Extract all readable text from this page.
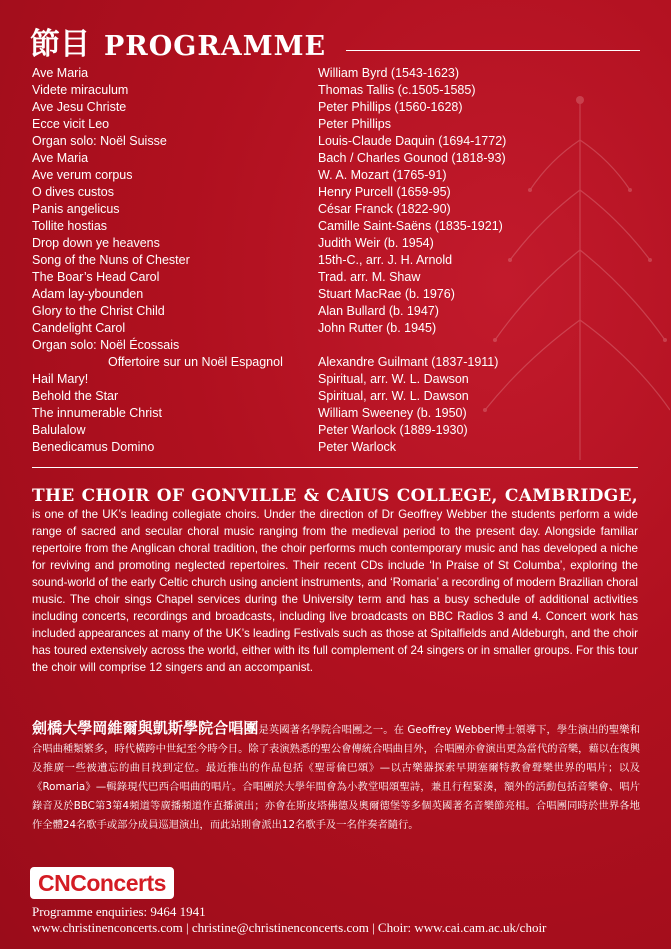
節目 PROGRAMME
Ave Maria	William Byrd (1543-1623)
Videte miraculum	Thomas Tallis (c.1505-1585)
Ave Jesu Christe	Peter Phillips (1560-1628)
Ecce vicit Leo	Peter Phillips
Organ solo: Noël Suisse	Louis-Claude Daquin (1694-1772)
Ave Maria	Bach / Charles Gounod (1818-93)
Ave verum corpus	W. A. Mozart (1765-91)
O dives custos	Henry Purcell (1659-95)
Panis angelicus	César Franck (1822-90)
Tollite hostias	Camille Saint-Saëns (1835-1921)
Drop down ye heavens	Judith Weir (b. 1954)
Song of the Nuns of Chester	15th-C., arr. J. H. Arnold
The Boar’s Head Carol	Trad. arr. M. Shaw
Adam lay-ybounden	Stuart MacRae (b. 1976)
Glory to the Christ Child	Alan Bullard (b. 1947)
Candelight Carol	John Rutter (b. 1945)
Organ solo: Noël Écossais
Offertoire sur un Noël Espagnol	Alexandre Guilmant (1837-1911)
Hail Mary!	Spiritual, arr. W. L. Dawson
Behold the Star	Spiritual, arr. W. L. Dawson
The innumerable Christ	William Sweeney (b. 1950)
Balulalow	Peter Warlock (1889-1930)
Benedicamus Domino	Peter Warlock
THE CHOIR OF GONVILLE & CAIUS COLLEGE, CAMBRIDGE, is one of the UK’s leading collegiate choirs. Under the direction of Dr Geoffrey Webber the students perform a wide range of sacred and secular choral music ranging from the medieval period to the present day. Alongside familiar repertoire from the Anglican choral tradition, the choir performs much contemporary music and has developed a niche for reviving and promoting neglected repertoires. Their recent CDs include ‘In Praise of St Columba’, exploring the sound-world of the early Celtic church using ancient instruments, and ‘Romaria’ a recording of modern Brazilian choral music. The choir sings Chapel services during the University term and has a busy schedule of additional activities including concerts, recordings and broadcasts, including live broadcasts on BBC Radios 3 and 4. Concert work has included appearances at many of the UK’s leading Festivals such as those at Spitalfields and Aldeburgh, and the choir has toured extensively across the world, either with its full complement of 24 singers or in smaller groups. For this tour the choir will comprise 12 singers and an accompanist.
劍橋大學岡維爾與凱斯學院合唱團是英國著名學院合唱團之一。在 Geoffrey Webber博士領導下，學生演出的聖樂和合唱曲種類繁多，時代橫跨中世紀至今時今日。除了表演熟悉的聖公會傳統合唱曲目外，合唱團亦會演出更為當代的音樂，藉以在復興及推廣一些被遺忘的曲目找到定位。最近推出的作品包括《聖哥倫巴頌》—以古樂器探索早期塞爾特教會聲樂世界的唱片；以及《Romaria》—輯錄現代巴西合唱曲的唱片。合唱團於大學年間會為小教堂唱頌聖詩，兼且行程緊湊，額外的活動包括音樂會、唱片錄音及於BBC第3第4頻道等廣播頻道作直播演出；亦會在斯皮塔佛德及奧爾德堡等多個英國著名音樂節亮相。合唱團同時於世界各地作全體24名歌手或部分成員巡迴演出，而此站則會派出12名歌手及一名伴奏者隨行。
CNConcerts
Programme enquiries: 9464 1941
www.christinenconcerts.com | christine@christinenconcerts.com | Choir: www.cai.cam.ac.uk/choir
